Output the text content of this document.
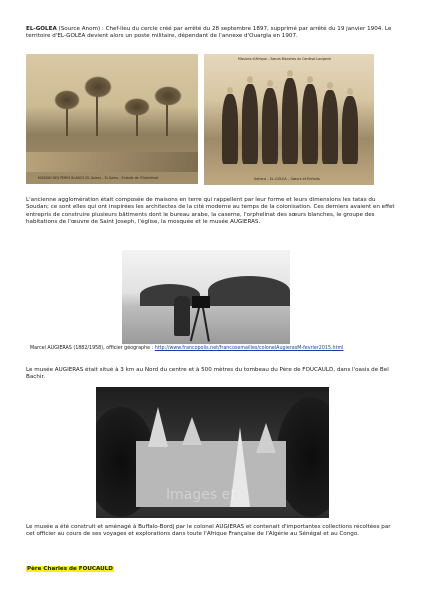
EL-GOLEA (Source Anom) : Chef-lieu du cercle créé par arrêté du 28 septembre 1897, supprimé par arrêté du 19 janvier 1904. Le territoire d'EL-GOLEA devient alors un poste militaire, dépendant de l'annexe d'Ouargla en 1907.

MISSION DES PERES BLANCS (El-Golea) – El-Golea – Enfants de l'Orphelinat
Missions d'Afrique – Sœurs Blanches du Cardinal Lavigerie
Sahara – EL-GOLEA – Sœurs et Enfants

L'ancienne agglomération était composée de maisons en terre qui rappellent par leur forme et leurs dimensions les tatas du Soudan; ce sont elles qui ont inspirées les architectes de la cité moderne au temps de la colonisation. Ces derniers avaient en effet entrepris de construire plusieurs bâtiments dont le bureau arabe, la caserne, l'orphelinat des sœurs blanches, le groupe des habitations de l'œuvre de Saint Joseph, l'église, la mosquée et le musée AUGIERAS.

Marcel AUGIERAS (1882/1958), officier géographe : http://www.francopolis.net/francosemailles/colonelAugierasM-fevrier2015.html

Le musée AUGIERAS était situé à 3 km au Nord du centre et à 500 mètres du tombeau du Père de FOUCAULD, dans l'oasis de Bel Bachir.

Images et

Le musée a été construit et aménagé à Buffalo-Bordj par le colonel AUGIERAS et contenait d'importantes collections récoltées par cet officier au cours de ses voyages et explorations dans toute l'Afrique Française de l'Algérie au Sénégal et au Congo.

Père Charles de FOUCAULD
